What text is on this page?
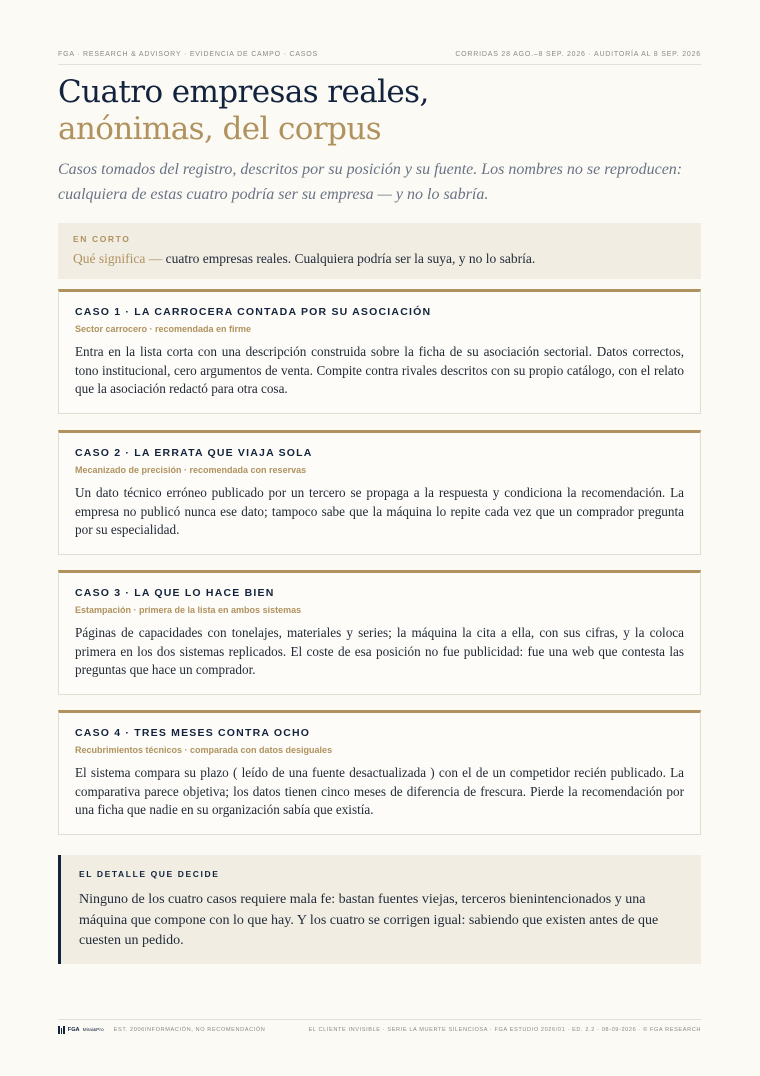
FGA · RESEARCH & ADVISORY · EVIDENCIA DE CAMPO · CASOS	CORRIDAS 28 AGO.–8 SEP. 2026 · AUDITORÍA AL 8 SEP. 2026
Cuatro empresas reales,
anónimas, del corpus

Casos tomados del registro, descritos por su posición y su fuente. Los nombres no se reproducen: cualquiera de estas cuatro podría ser su empresa — y no lo sabría.

EN CORTO
Qué significa — cuatro empresas reales. Cualquiera podría ser la suya, y no lo sabría.
CASO 1 · LA CARROCERA CONTADA POR SU ASOCIACIÓN
Sector carrocero · recomendada en firme

Entra en la lista corta con una descripción construida sobre la ficha de su asociación sectorial. Datos correctos, tono institucional, cero argumentos de venta. Compite contra rivales descritos con su propio catálogo, con el relato que la asociación redactó para otra cosa.

CASO 2 · LA ERRATA QUE VIAJA SOLA
Mecanizado de precisión · recomendada con reservas

Un dato técnico erróneo publicado por un tercero se propaga a la respuesta y condiciona la recomendación. La empresa no publicó nunca ese dato; tampoco sabe que la máquina lo repite cada vez que un comprador pregunta por su especialidad.

CASO 3 · LA QUE LO HACE BIEN
Estampación · primera de la lista en ambos sistemas

Páginas de capacidades con tonelajes, materiales y series; la máquina la cita a ella, con sus cifras, y la coloca primera en los dos sistemas replicados. El coste de esa posición no fue publicidad: fue una web que contesta las preguntas que hace un comprador.

CASO 4 · TRES MESES CONTRA OCHO
Recubrimientos técnicos · comparada con datos desiguales

El sistema compara su plazo ( leído de una fuente desactualizada ) con el de un competidor recién publicado. La comparativa parece objetiva; los datos tienen cinco meses de diferencia de frescura. Pierde la recomendación por una ficha que nadie en su organización sabía que existía.

EL DETALLE QUE DECIDE

Ninguno de los cuatro casos requiere mala fe: bastan fuentes viejas, terceros bienintencionados y una máquina que compone con lo que hay. Y los cuatro se corrigen igual: sabiendo que existen antes de que cuesten un pedido.

FGA Mirai&Pro EST. 2006 INFORMACIÓN, NO RECOMENDACIÓN	EL CLIENTE INVISIBLE · SERIE LA MUERTE SILENCIOSA · FGA ESTUDIO 2026/01 · ED. 2.2 · 08-09-2026 · © FGA RESEARCH
